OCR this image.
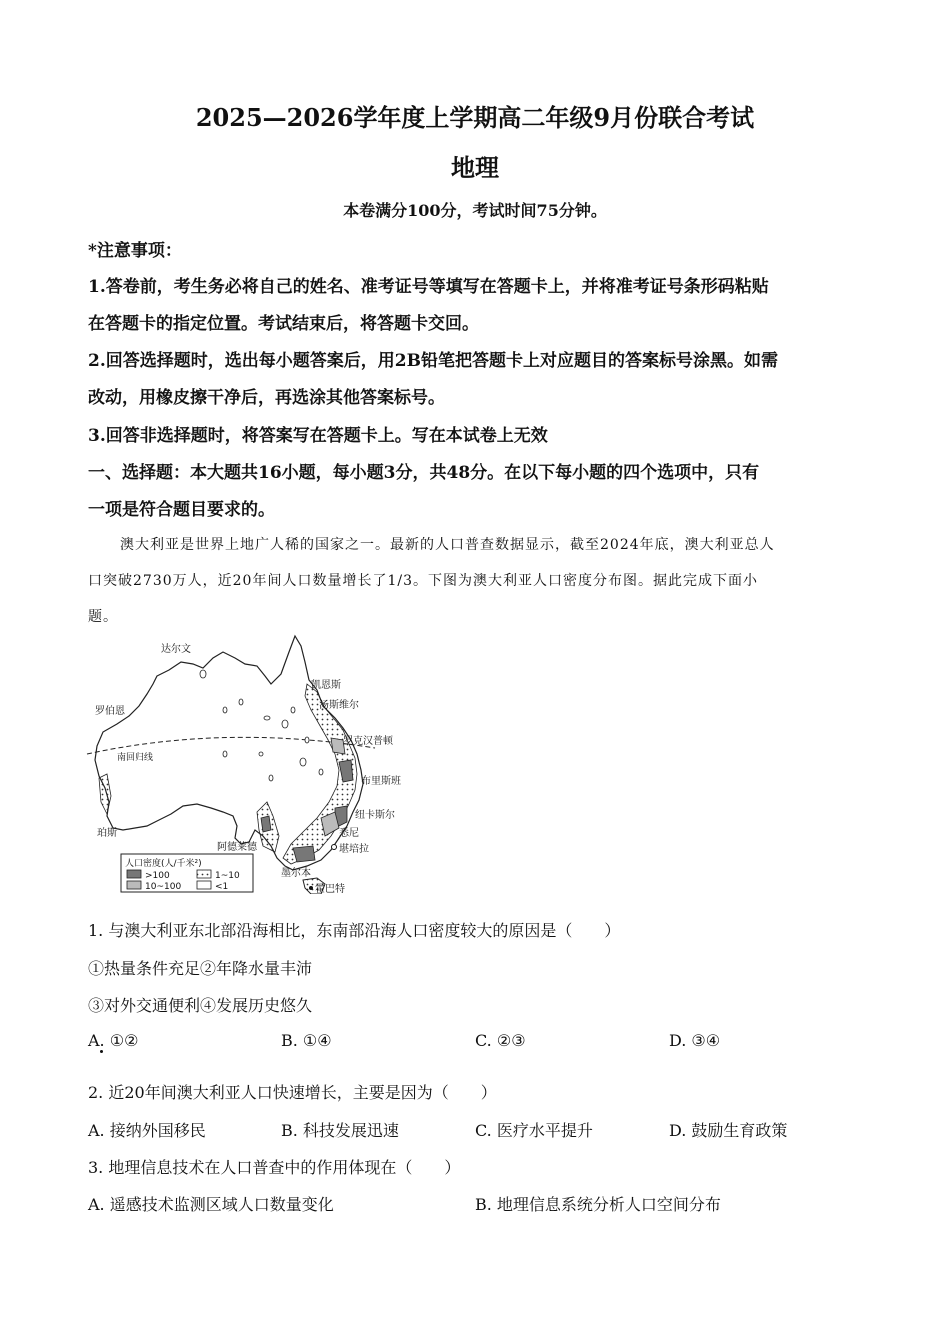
2025—2026学年度上学期高二年级9月份联合考试
地理
本卷满分100分，考试时间75分钟。
*注意事项：
1.答卷前，考生务必将自己的姓名、准考证号等填写在答题卡上，并将准考证号条形码粘贴
在答题卡的指定位置。考试结束后，将答题卡交回。
2.回答选择题时，选出每小题答案后，用2B铅笔把答题卡上对应题目的答案标号涂黑。如需
改动，用橡皮擦干净后，再选涂其他答案标号。
3.回答非选择题时，将答案写在答题卡上。写在本试卷上无效
一、选择题：本大题共16小题，每小题3分，共48分。在以下每小题的四个选项中，只有
一项是符合题目要求的。
澳大利亚是世界上地广人稀的国家之一。最新的人口普查数据显示，截至2024年底，澳大利亚总人
口突破2730万人，近20年间人口数量增长了1/3。下图为澳大利亚人口密度分布图。据此完成下面小
题。
达尔文
凯恩斯
汤斯维尔
罗伯恩
罗克汉普顿
南回归线
布里斯班
纽卡斯尔
悉尼
珀斯
阿德莱德	堪培拉
墨尔本
霍巴特
人口密度(人/千米²)
>100	1~10
10~100	<1
1. 与澳大利亚东北部沿海相比，东南部沿海人口密度较大的原因是（　　）
①热量条件充足②年降水量丰沛
③对外交通便利④发展历史悠久
A. ①②	B. ①④	C. ②③	D. ③④
2. 近20年间澳大利亚人口快速增长，主要是因为（　　）
A. 接纳外国移民	B. 科技发展迅速	C. 医疗水平提升	D. 鼓励生育政策
3. 地理信息技术在人口普查中的作用体现在（　　）
A. 遥感技术监测区域人口数量变化	B. 地理信息系统分析人口空间分布
